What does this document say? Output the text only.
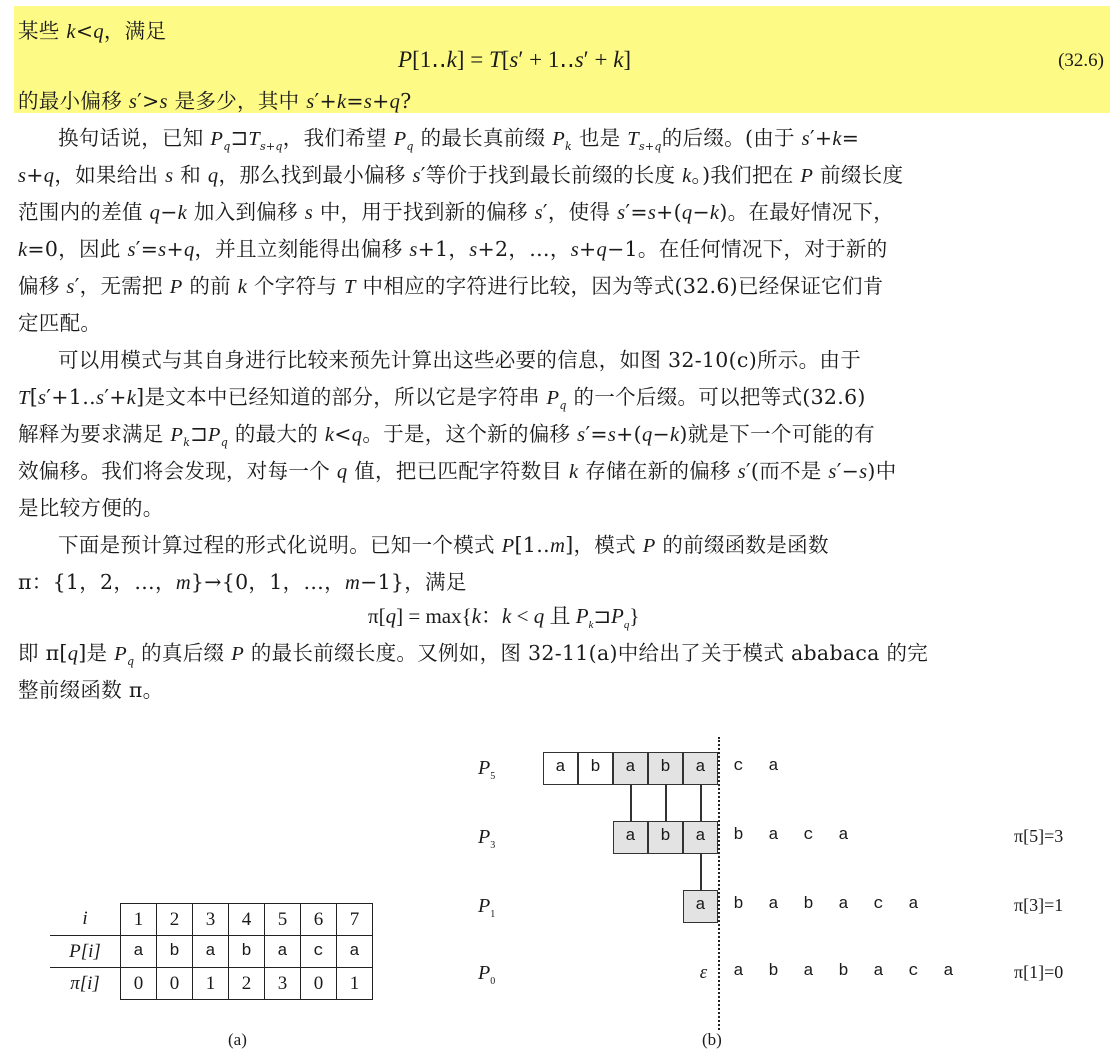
某些 k<q，满足
P[1‥k] = T[s′ + 1‥s′ + k]	(32.6)
的最小偏移 s′>s 是多少，其中 s′+k=s+q?
换句话说，已知 $P_q⊐T_{s+q}$，我们希望 $P_q$ 的最长真前缀 $P_k$ 也是 $T_{s+q}$的后缀。(由于 s′+k=
s+q，如果给出 s 和 q，那么找到最小偏移 s′等价于找到最长前缀的长度 k。)我们把在 P 前缀长度
范围内的差值 q−k 加入到偏移 s 中，用于找到新的偏移 s′，使得 s′=s+(q−k)。在最好情况下，
k=0，因此 s′=s+q，并且立刻能得出偏移 s+1，s+2，…，s+q−1。在任何情况下，对于新的
偏移 s′，无需把 P 的前 k 个字符与 T 中相应的字符进行比较，因为等式(32.6)已经保证它们肯
定匹配。
可以用模式与其自身进行比较来预先计算出这些必要的信息，如图 32-10(c)所示。由于
T[s′+1‥s′+k]是文本中已经知道的部分，所以它是字符串 $P_q$ 的一个后缀。可以把等式(32.6)
解释为要求满足 $P_k⊐P_q$ 的最大的 k<q。于是，这个新的偏移 s′=s+(q−k)就是下一个可能的有
效偏移。我们将会发现，对每一个 q 值，把已匹配字符数目 k 存储在新的偏移 s′(而不是 s′−s)中
是比较方便的。
下面是预计算过程的形式化说明。已知一个模式 P[1‥m]，模式 P 的前缀函数是函数
π：{1，2，…，m}→{0，1，…，m−1}，满足
π[q] = max{k：k < q 且 $P_k⊐P_q$}
即 π[q]是 $P_q$ 的真后缀 P 的最长前缀长度。又例如，图 32-11(a)中给出了关于模式 ababaca 的完
整前缀函数 π。
i	1	2	3	4	5	6	7
P[i]	a	b	a	b	a	c	a
π[i]	0	0	1	2	3	0	1
(a)
$P_5$	a	b	a	b	a	c	a
$P_3$	a	b	a	b	a	c	a	π[5]=3
$P_1$	a	b	a	b	a	c	a	π[3]=1
$P_0$	ε	a	b	a	b	a	c	a	π[1]=0
(b)
